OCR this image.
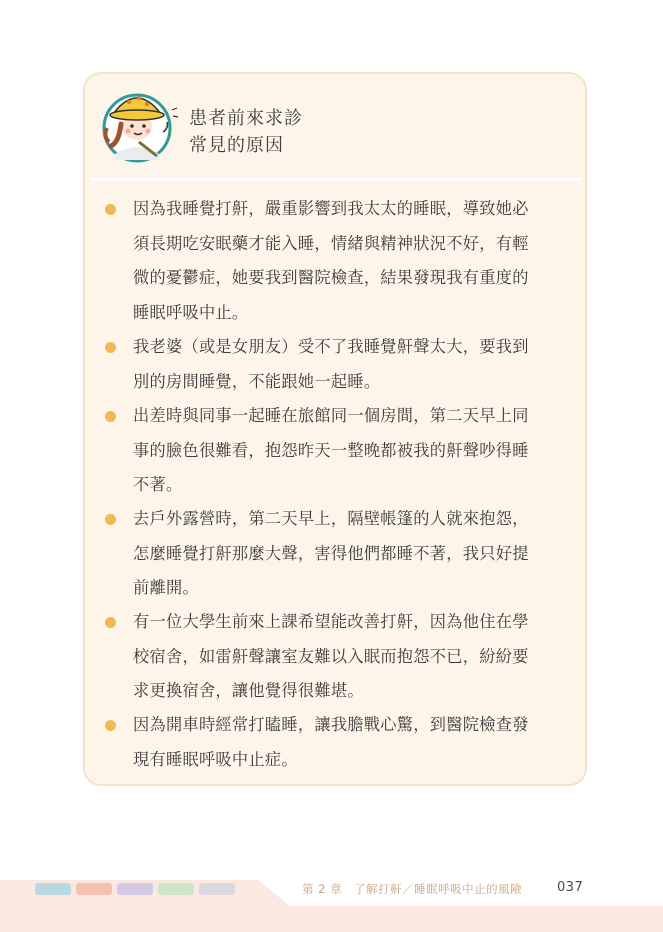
患者前來求診
常見的原因
因為我睡覺打鼾，嚴重影響到我太太的睡眠，導致她必
須長期吃安眠藥才能入睡，情緒與精神狀況不好，有輕
微的憂鬱症，她要我到醫院檢查，結果發現我有重度的
睡眠呼吸中止。
我老婆（或是女朋友）受不了我睡覺鼾聲太大，要我到
別的房間睡覺，不能跟她一起睡。
出差時與同事一起睡在旅館同一個房間，第二天早上同
事的臉色很難看，抱怨昨天一整晚都被我的鼾聲吵得睡
不著。
去戶外露營時，第二天早上，隔壁帳篷的人就來抱怨，
怎麼睡覺打鼾那麼大聲，害得他們都睡不著，我只好提
前離開。
有一位大學生前來上課希望能改善打鼾，因為他住在學
校宿舍，如雷鼾聲讓室友難以入眠而抱怨不已，紛紛要
求更換宿舍，讓他覺得很難堪。
因為開車時經常打瞌睡，讓我膽戰心驚，到醫院檢查發
現有睡眠呼吸中止症。
第 2 章　了解打鼾／睡眠呼吸中止的風險	037
